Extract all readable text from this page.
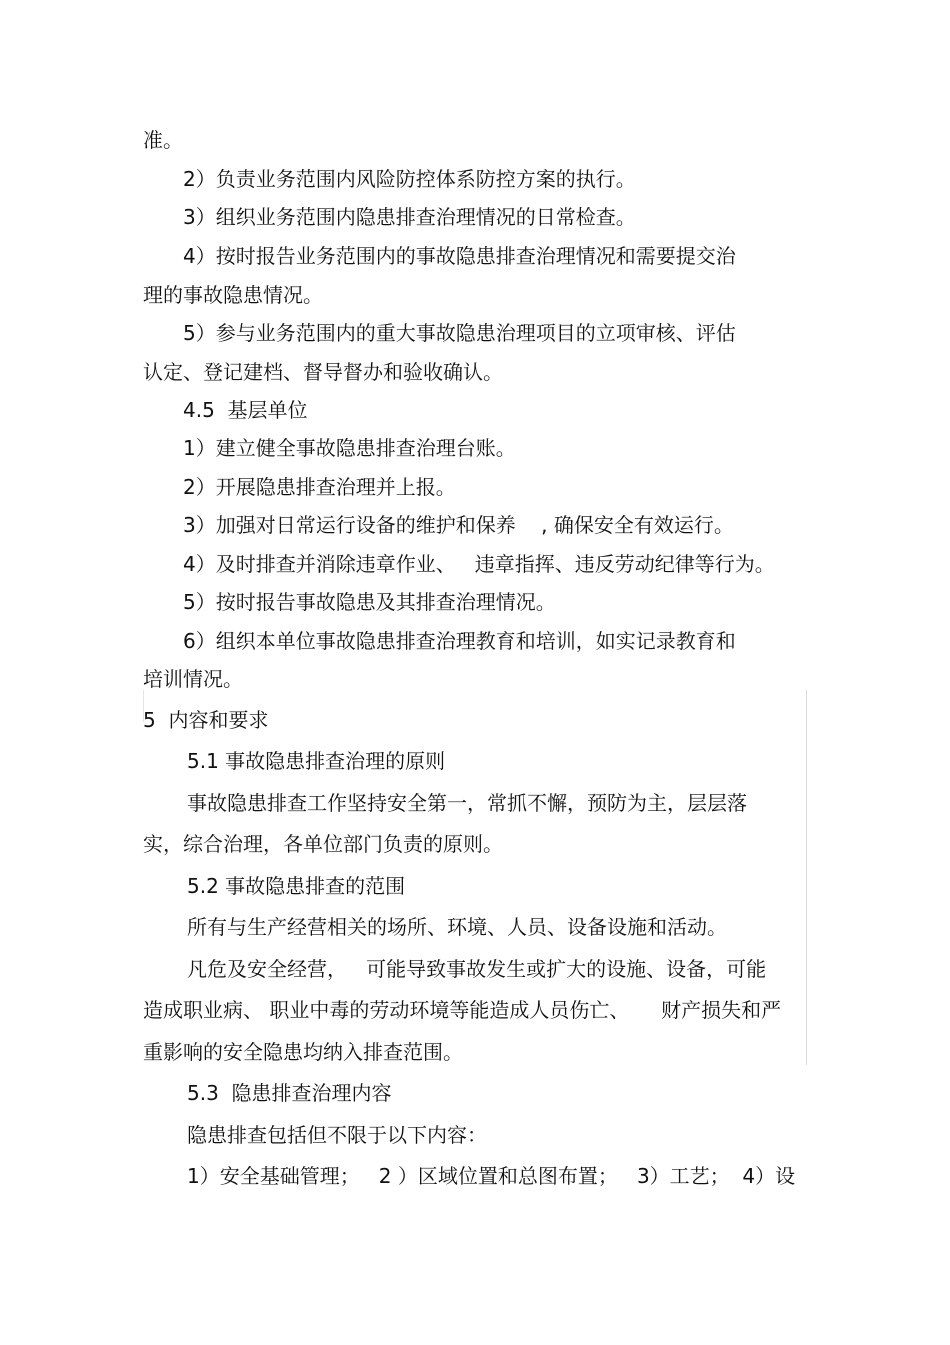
准。

2）负责业务范围内风险防控体系防控方案的执行。

3）组织业务范围内隐患排查治理情况的日常检查。

4）按时报告业务范围内的事故隐患排查治理情况和需要提交治

理的事故隐患情况。

5）参与业务范围内的重大事故隐患治理项目的立项审核、评估

认定、登记建档、督导督办和验收确认。

4.5  基层单位

1）建立健全事故隐患排查治理台账。

2）开展隐患排查治理并上报。

3）加强对日常运行设备的维护和保养    , 确保安全有效运行。

4）及时排查并消除违章作业、   违章指挥、违反劳动纪律等行为。

5）按时报告事故隐患及其排查治理情况。

6）组织本单位事故隐患排查治理教育和培训，如实记录教育和

培训情况。

5  内容和要求

5.1 事故隐患排查治理的原则

事故隐患排查工作坚持安全第一，常抓不懈，预防为主，层层落

实，综合治理，各单位部门负责的原则。

5.2 事故隐患排查的范围

所有与生产经营相关的场所、环境、人员、设备设施和活动。

凡危及安全经营，   可能导致事故发生或扩大的设施、设备，可能

造成职业病、 职业中毒的劳动环境等能造成人员伤亡、     财产损失和严

重影响的安全隐患均纳入排查范围。

5.3  隐患排查治理内容

隐患排查包括但不限于以下内容：

1）安全基础管理；   2 ）区域位置和总图布置；   3）工艺；  4）设
